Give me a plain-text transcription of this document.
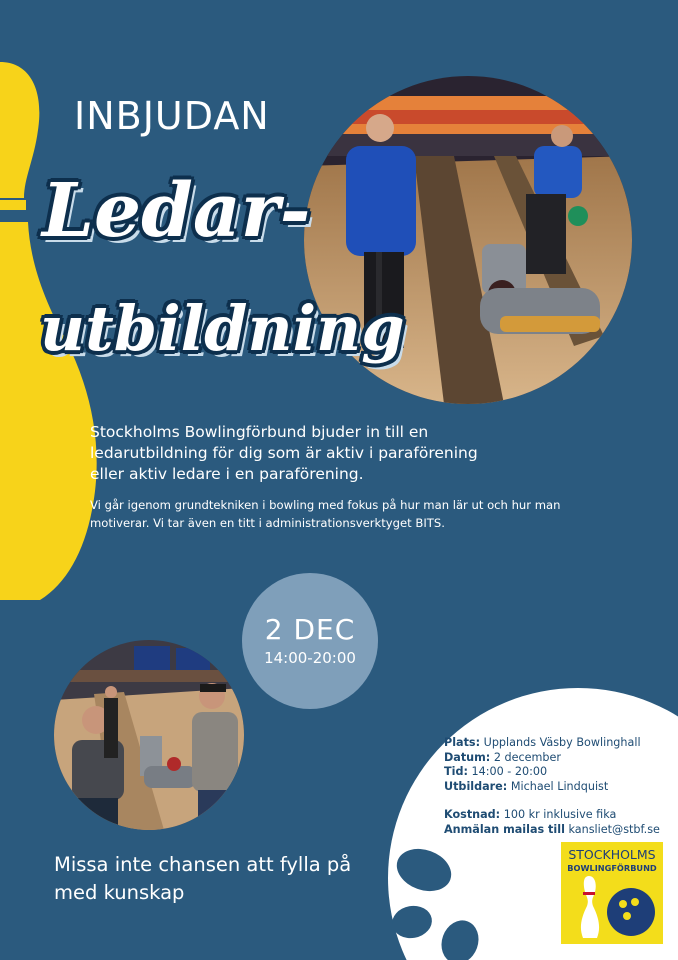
INBJUDAN
Ledar-
utbildning
Stockholms Bowlingförbund bjuder in till en ledarutbildning för dig som är aktiv i paraförening eller aktiv ledare i en paraförening.
Vi går igenom grundtekniken i bowling med fokus på hur man lär ut och hur man motiverar. Vi tar även en titt i administrationsverktyget BITS.
2 DEC
14:00-20:00
Missa inte chansen att fylla på med kunskap
Plats: Upplands Väsby Bowlinghall
Datum: 2 december
Tid: 14:00 - 20:00
Utbildare: Michael Lindquist
Kostnad: 100 kr inklusive fika
Anmälan mailas till kansliet@stbf.se
STOCKHOLMS
BOWLINGFÖRBUND
